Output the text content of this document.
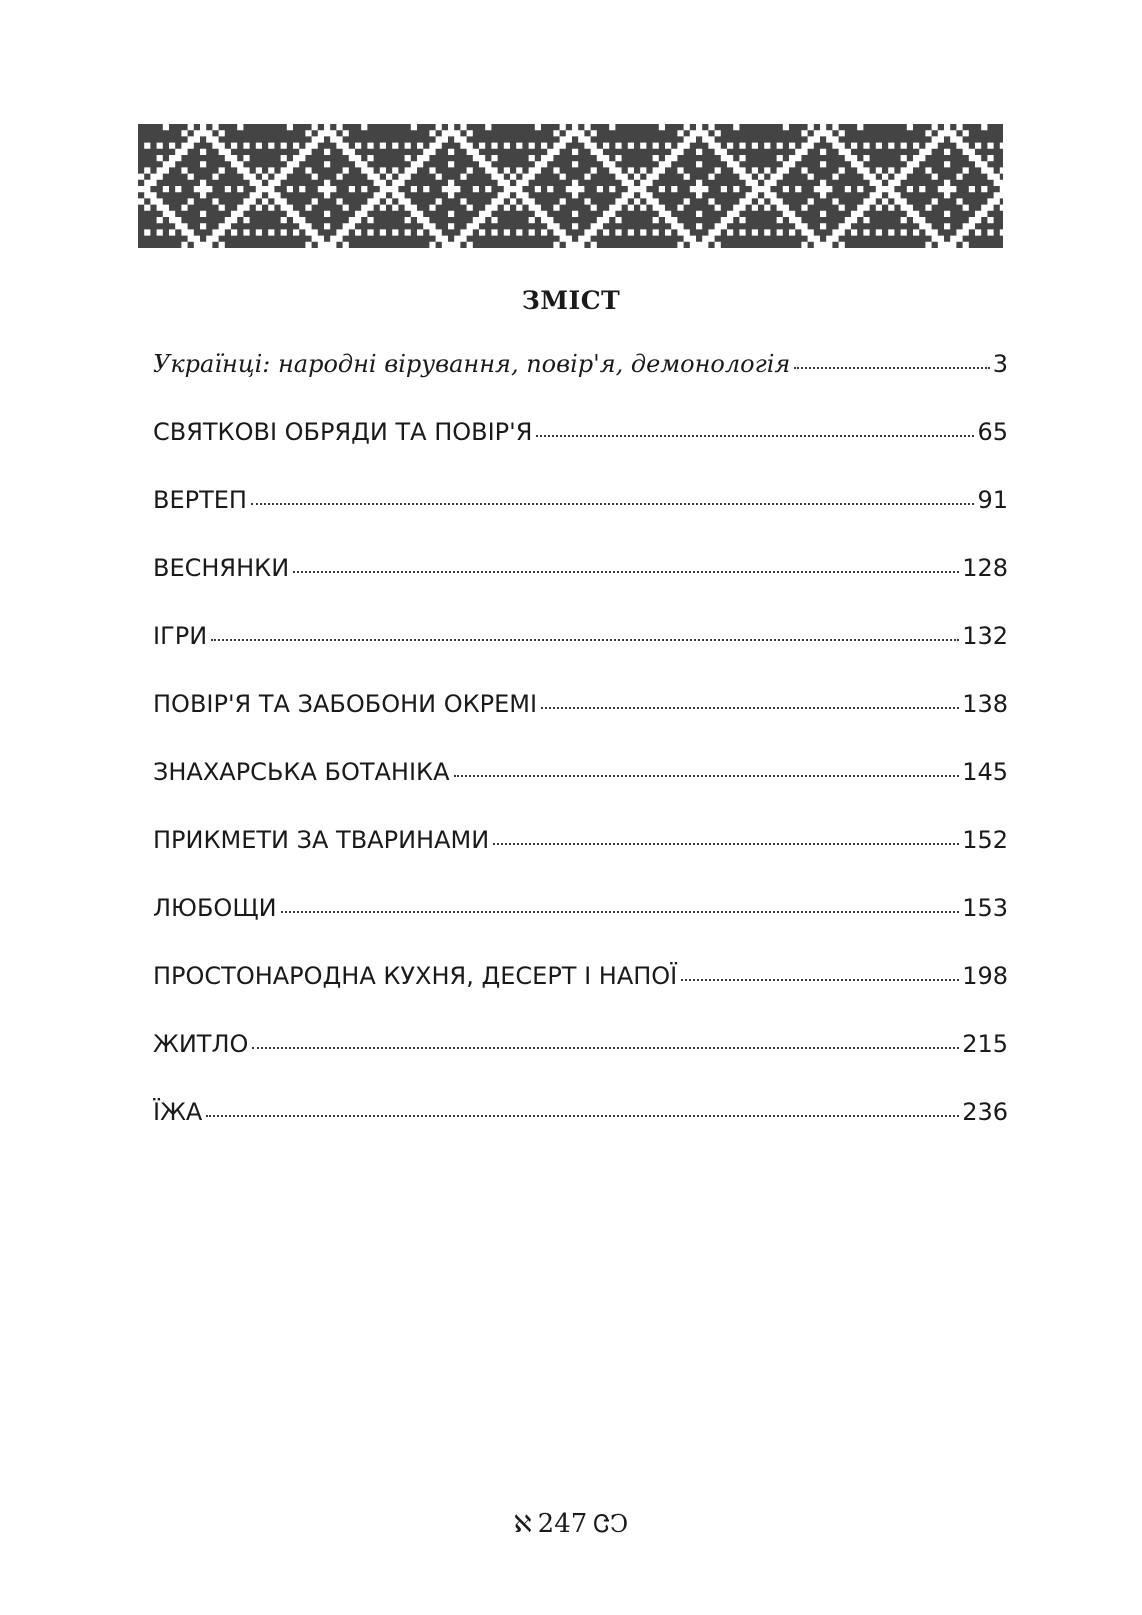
ЗМІСТ
Українці: народні вірування, повір'я, демонологія	3
СВЯТКОВІ ОБРЯДИ ТА ПОВІР'Я	65
ВЕРТЕП	91
ВЕСНЯНКИ	128
ІГРИ	132
ПОВІР'Я ТА ЗАБОБОНИ ОКРЕМІ	138
ЗНАХАРСЬКА БОТАНІКА	145
ПРИКМЕТИ ЗА ТВАРИНАМИ	152
ЛЮБОЩИ	153
ПРОСТОНАРОДНА КУХНЯ, ДЕСЕРТ І НАПОЇ	198
ЖИТЛО	215
ЇЖА	236
ℵ 247 ᏣϽ
